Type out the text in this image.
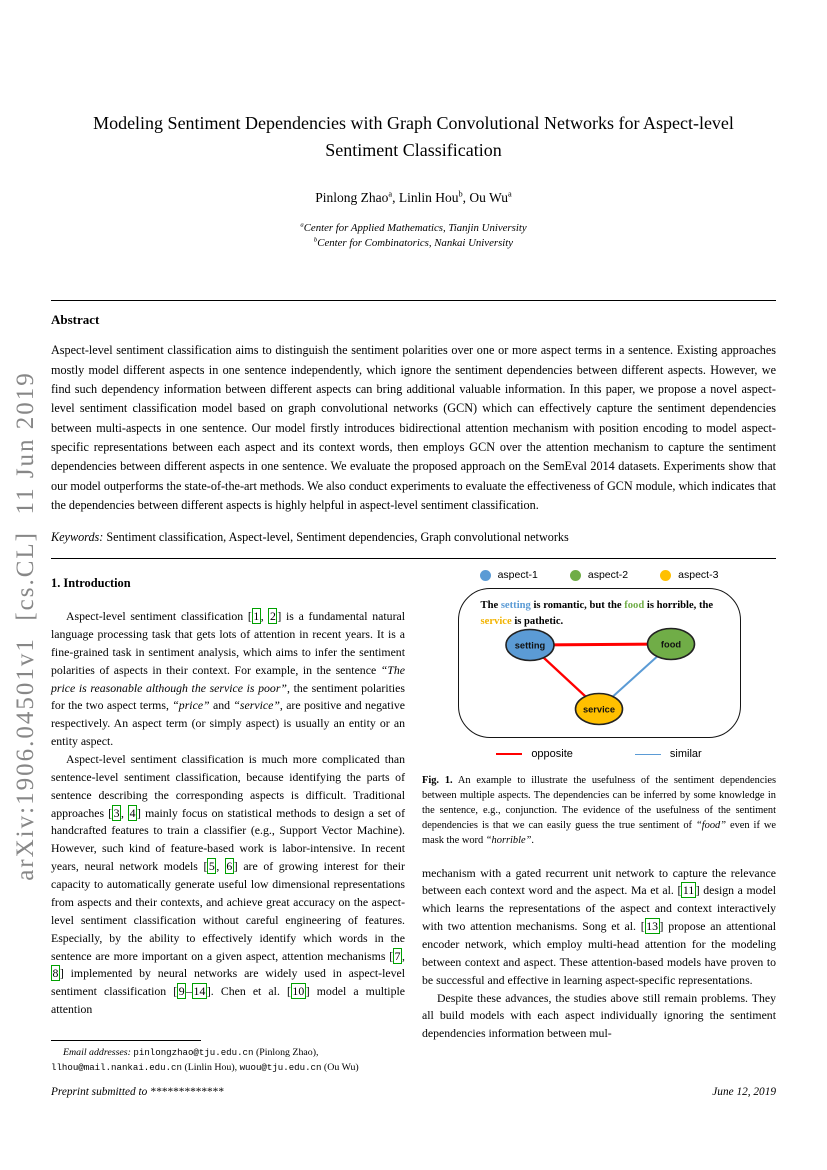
arXiv:1906.04501v1  [cs.CL]  11 Jun 2019
Modeling Sentiment Dependencies with Graph Convolutional Networks for Aspect-level Sentiment Classification
Pinlong Zhao$^a$, Linlin Hou$^b$, Ou Wu$^a$
$^a$Center for Applied Mathematics, Tianjin University
$^b$Center for Combinatorics, Nankai University
Abstract

Aspect-level sentiment classification aims to distinguish the sentiment polarities over one or more aspect terms in a sentence. Existing approaches mostly model different aspects in one sentence independently, which ignore the sentiment dependencies between different aspects. However, we find such dependency information between different aspects can bring additional valuable information. In this paper, we propose a novel aspect-level sentiment classification model based on graph convolutional networks (GCN) which can effectively capture the sentiment dependencies between multi-aspects in one sentence. Our model firstly introduces bidirectional attention mechanism with position encoding to model aspect-specific representations between each aspect and its context words, then employs GCN over the attention mechanism to capture the sentiment dependencies between different aspects in one sentence. We evaluate the proposed approach on the SemEval 2014 datasets. Experiments show that our model outperforms the state-of-the-art methods. We also conduct experiments to evaluate the effectiveness of GCN module, which indicates that the dependencies between different aspects is highly helpful in aspect-level sentiment classification.

Keywords: Sentiment classification, Aspect-level, Sentiment dependencies, Graph convolutional networks

1. Introduction

Aspect-level sentiment classification [ 1 , 2 ] is a fundamental natural language processing task that gets lots of attention in recent years. It is a fine-grained task in sentiment analysis, which aims to infer the sentiment polarities of aspects in their context. For example, in the sentence “The price is reasonable although the service is poor”, the sentiment polarities for the two aspect terms, “price” and “service”, are positive and negative respectively. An aspect term (or simply aspect) is usually an entity or an entity aspect.

Aspect-level sentiment classification is much more complicated than sentence-level sentiment classification, because identifying the parts of sentence describing the corresponding aspects is difficult. Traditional approaches [ 3 , 4 ] mainly focus on statistical methods to design a set of handcrafted features to train a classifier (e.g., Support Vector Machine). However, such kind of feature-based work is labor-intensive. In recent years, neural network models [ 5 , 6 ] are of growing interest for their capacity to automatically generate useful low dimensional representations from aspects and their contexts, and achieve great accuracy on the aspect-level sentiment classification without careful engineering of features. Especially, by the ability to effectively identify which words in the sentence are more important on a given aspect, attention mechanisms [ 7 , 8 ] implemented by neural networks are widely used in aspect-level sentiment classification [ 9 – 14 ]. Chen et al. [ 10 ] model a multiple attention

Email addresses: pinlongzhao@tju.edu.cn (Pinlong Zhao), llhou@mail.nankai.edu.cn (Linlin Hou), wuou@tju.edu.cn (Ou Wu)

aspect-1	aspect-2	aspect-3

The setting is romantic, but the food is horrible, the service is pathetic.

setting	food
service
opposite	similar
Fig. 1. An example to illustrate the usefulness of the sentiment dependencies between multiple aspects. The dependencies can be inferred by some knowledge in the sentence, e.g., conjunction. The evidence of the usefulness of the sentiment dependencies is that we can easily guess the true sentiment of “food” even if we mask the word “horrible”.

mechanism with a gated recurrent unit network to capture the relevance between each context word and the aspect. Ma et al. [ 11 ] design a model which learns the representations of the aspect and context interactively with two attention mechanisms. Song et al. [ 13 ] propose an attentional encoder network, which employ multi-head attention for the modeling between context and aspect. These attention-based models have proven to be successful and effective in learning aspect-specific representations.

Despite these advances, the studies above still remain problems. They all build models with each aspect individually ignoring the sentiment dependencies information between mul-

Preprint submitted to *************	June 12, 2019
